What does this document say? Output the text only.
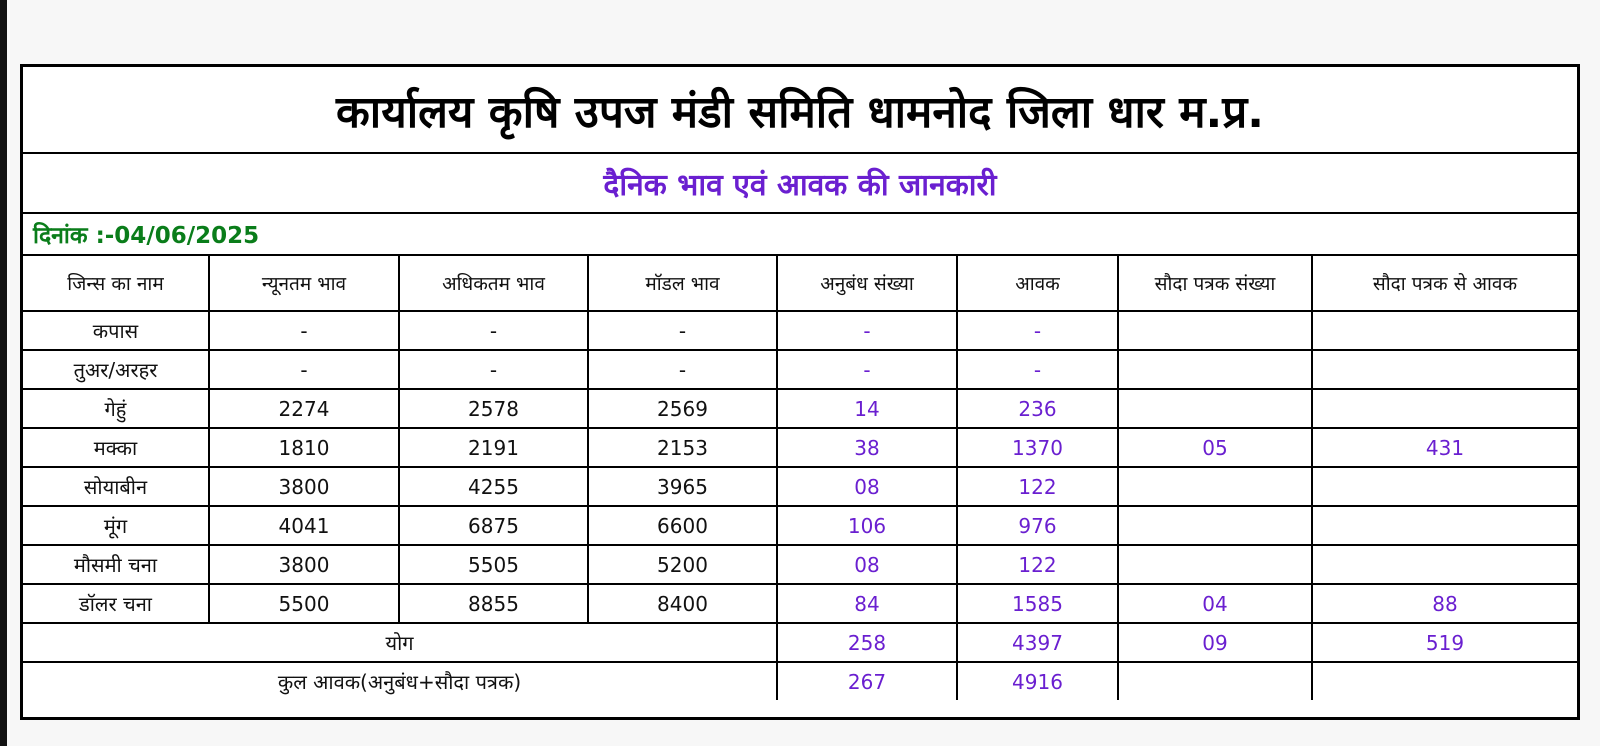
कार्यालय कृषि उपज मंडी समिति धामनोद जिला धार म.प्र.
दैनिक भाव एवं आवक की जानकारी
दिनांक :-04/06/2025
जिन्स का नाम	न्यूनतम भाव	अधिकतम भाव	मॉडल भाव	अनुबंध संख्या	आवक	सौदा पत्रक संख्या	सौदा पत्रक से आवक
कपास	-	-	-	-	-		
तुअर/अरहर	-	-	-	-	-		
गेहुं	2274	2578	2569	14	236		
मक्का	1810	2191	2153	38	1370	05	431
सोयाबीन	3800	4255	3965	08	122		
मूंग	4041	6875	6600	106	976		
मौसमी चना	3800	5505	5200	08	122		
डॉलर चना	5500	8855	8400	84	1585	04	88
योग				258	4397	09	519
कुल आवक(अनुबंध+सौदा पत्रक)				267	4916		
